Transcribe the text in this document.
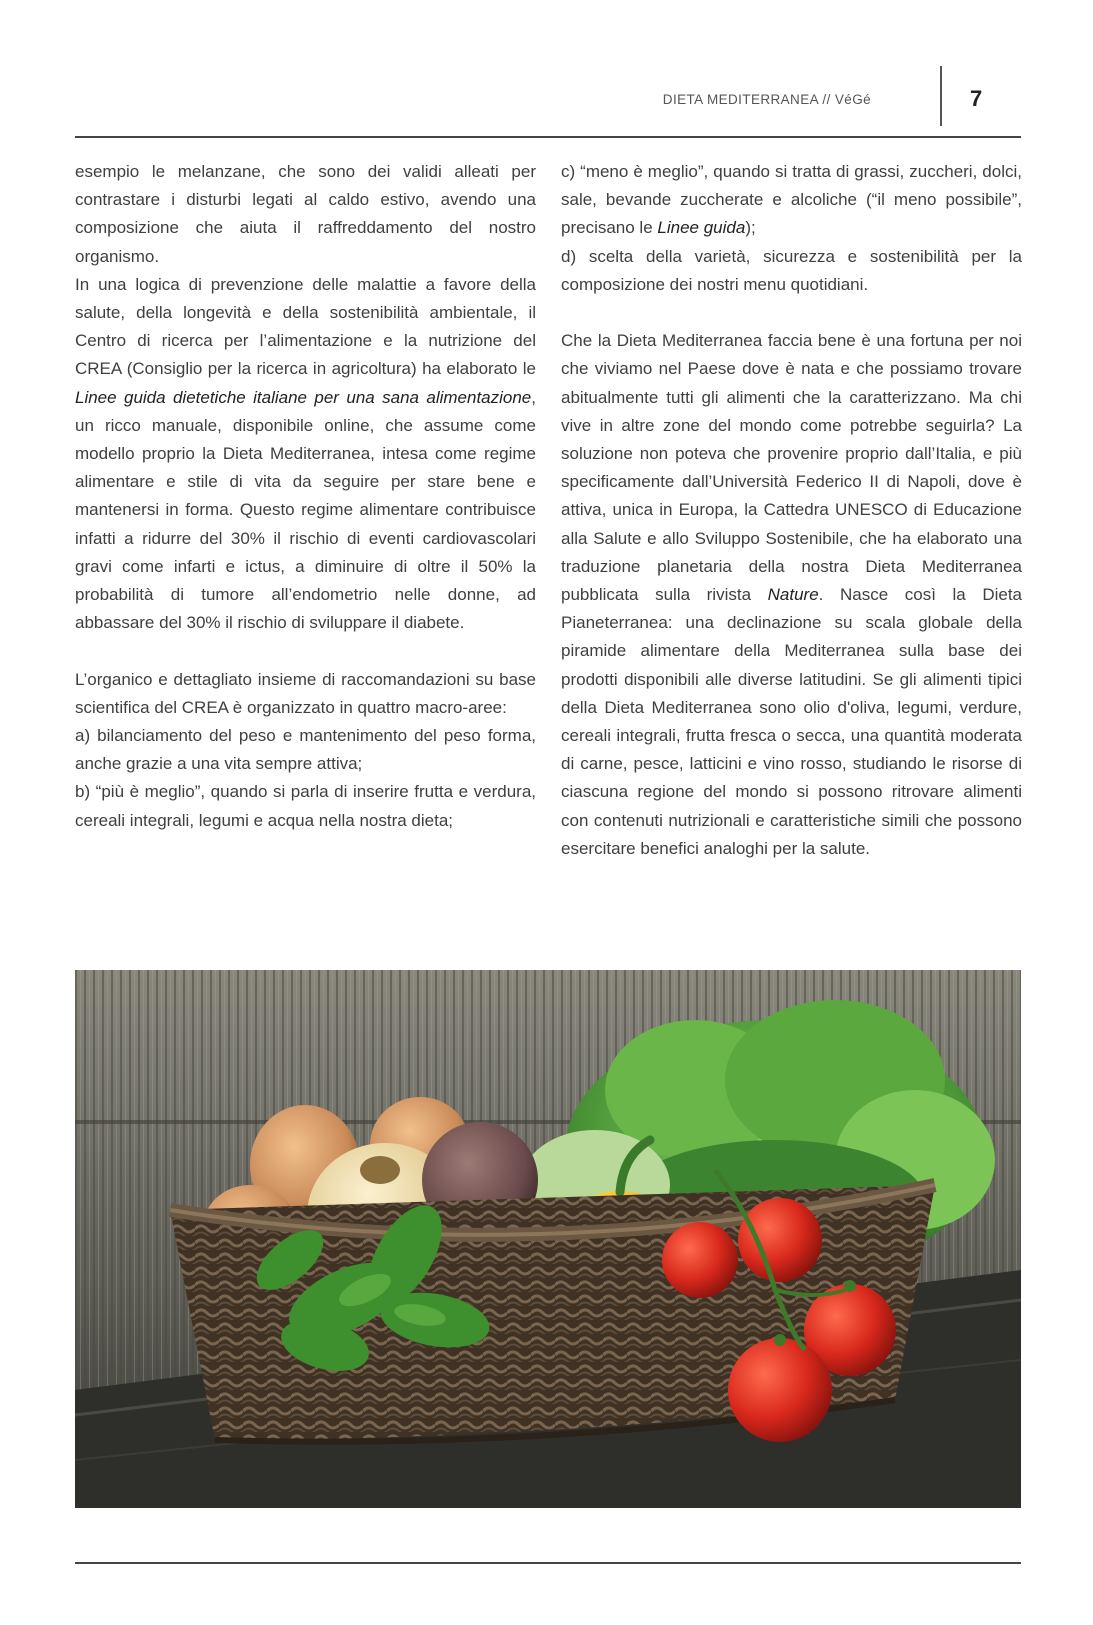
DIETA MEDITERRANEA // VéGé	7

esempio le melanzane, che sono dei validi alleati per contrastare i disturbi legati al caldo estivo, avendo una composizione che aiuta il raffreddamento del nostro organismo.

In una logica di prevenzione delle malattie a favore della salute, della longevità e della sostenibilità ambientale, il Centro di ricerca per l’alimentazione e la nutrizione del CREA (Consiglio per la ricerca in agricoltura) ha elaborato le Linee guida dietetiche italiane per una sana alimentazione, un ricco manuale, disponibile online, che assume come modello proprio la Dieta Mediterranea, intesa come regime alimentare e stile di vita da seguire per stare bene e mantenersi in forma. Questo regime alimentare contribuisce infatti a ridurre del 30% il rischio di eventi cardiovascolari gravi come infarti e ictus, a diminuire di oltre il 50% la probabilità di tumore all’endometrio nelle donne, ad abbassare del 30% il rischio di sviluppare il diabete.

L’organico e dettagliato insieme di raccomandazioni su base scientifica del CREA è organizzato in quattro macro-aree:

a) bilanciamento del peso e mantenimento del peso forma, anche grazie a una vita sempre attiva;

b) “più è meglio”, quando si parla di inserire frutta e verdura, cereali integrali, legumi e acqua nella nostra dieta;

c) “meno è meglio”, quando si tratta di grassi, zuccheri, dolci, sale, bevande zuccherate e alcoliche (“il meno possibile”, precisano le Linee guida);

d) scelta della varietà, sicurezza e sostenibilità per la composizione dei nostri menu quotidiani.

Che la Dieta Mediterranea faccia bene è una fortuna per noi che viviamo nel Paese dove è nata e che possiamo trovare abitualmente tutti gli alimenti che la caratterizzano. Ma chi vive in altre zone del mondo come potrebbe seguirla? La soluzione non poteva che provenire proprio dall’Italia, e più specificamente dall’Università Federico II di Napoli, dove è attiva, unica in Europa, la Cattedra UNESCO di Educazione alla Salute e allo Sviluppo Sostenibile, che ha elaborato una traduzione planetaria della nostra Dieta Mediterranea pubblicata sulla rivista Nature. Nasce così la Dieta Pianeterranea: una declinazione su scala globale della piramide alimentare della Mediterranea sulla base dei prodotti disponibili alle diverse latitudini. Se gli alimenti tipici della Dieta Mediterranea sono olio d'oliva, legumi, verdure, cereali integrali, frutta fresca o secca, una quantità moderata di carne, pesce, latticini e vino rosso, studiando le risorse di ciascuna regione del mondo si possono ritrovare alimenti con contenuti nutrizionali e caratteristiche simili che possono esercitare benefici analoghi per la salute.
